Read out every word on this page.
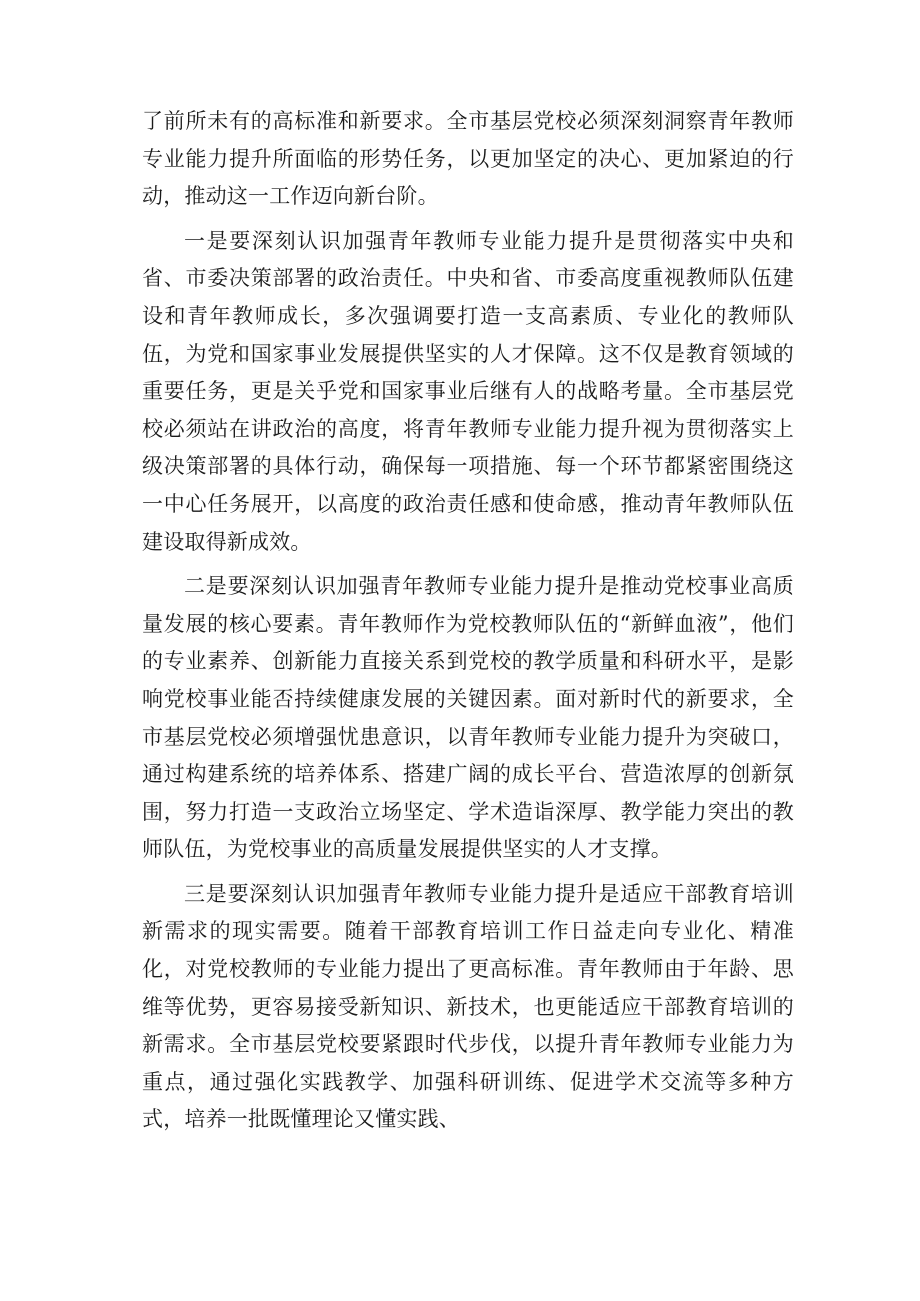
了前所未有的高标准和新要求。全市基层党校必须深刻洞察青年教师专业能力提升所面临的形势任务，以更加坚定的决心、更加紧迫的行动，推动这一工作迈向新台阶。

一是要深刻认识加强青年教师专业能力提升是贯彻落实中央和省、市委决策部署的政治责任。中央和省、市委高度重视教师队伍建设和青年教师成长，多次强调要打造一支高素质、专业化的教师队伍，为党和国家事业发展提供坚实的人才保障。这不仅是教育领域的重要任务，更是关乎党和国家事业后继有人的战略考量。全市基层党校必须站在讲政治的高度，将青年教师专业能力提升视为贯彻落实上级决策部署的具体行动，确保每一项措施、每一个环节都紧密围绕这一中心任务展开，以高度的政治责任感和使命感，推动青年教师队伍建设取得新成效。

二是要深刻认识加强青年教师专业能力提升是推动党校事业高质量发展的核心要素。青年教师作为党校教师队伍的“新鲜血液”，他们的专业素养、创新能力直接关系到党校的教学质量和科研水平，是影响党校事业能否持续健康发展的关键因素。面对新时代的新要求，全市基层党校必须增强忧患意识，以青年教师专业能力提升为突破口，通过构建系统的培养体系、搭建广阔的成长平台、营造浓厚的创新氛围，努力打造一支政治立场坚定、学术造诣深厚、教学能力突出的教师队伍，为党校事业的高质量发展提供坚实的人才支撑。

三是要深刻认识加强青年教师专业能力提升是适应干部教育培训新需求的现实需要。随着干部教育培训工作日益走向专业化、精准化，对党校教师的专业能力提出了更高标准。青年教师由于年龄、思维等优势，更容易接受新知识、新技术，也更能适应干部教育培训的新需求。全市基层党校要紧跟时代步伐，以提升青年教师专业能力为重点，通过强化实践教学、加强科研训练、促进学术交流等多种方式，培养一批既懂理论又懂实践、
